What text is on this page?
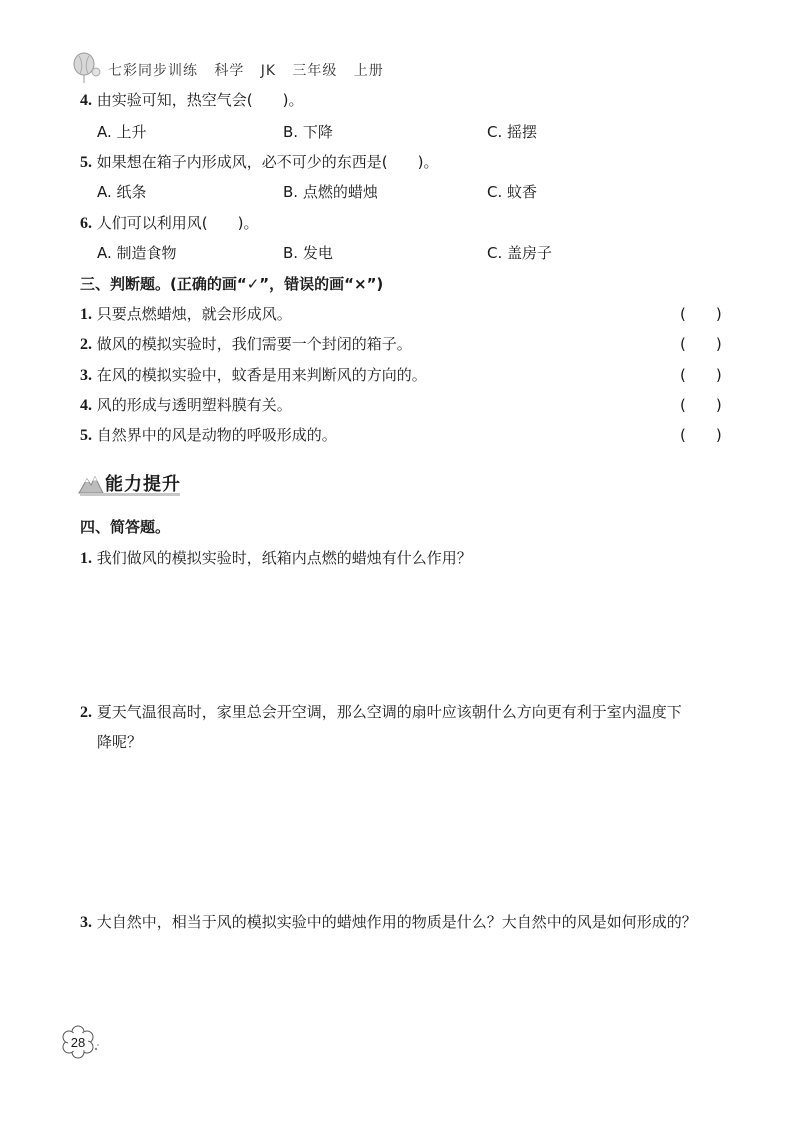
七彩同步训练 科学 JK 三年级 上册
4. 由实验可知，热空气会(　　)。
A. 上升	B. 下降	C. 摇摆
5. 如果想在箱子内形成风，必不可少的东西是(　　)。
A. 纸条	B. 点燃的蜡烛	C. 蚊香
6. 人们可以利用风(　　)。
A. 制造食物	B. 发电	C. 盖房子
三、判断题。(正确的画“✓”，错误的画“×”)
1. 只要点燃蜡烛，就会形成风。	(　　)
2. 做风的模拟实验时，我们需要一个封闭的箱子。	(　　)
3. 在风的模拟实验中，蚊香是用来判断风的方向的。	(　　)
4. 风的形成与透明塑料膜有关。	(　　)
5. 自然界中的风是动物的呼吸形成的。	(　　)
能力提升
四、简答题。
1. 我们做风的模拟实验时，纸箱内点燃的蜡烛有什么作用？
2. 夏天气温很高时，家里总会开空调，那么空调的扇叶应该朝什么方向更有利于室内温度下
降呢？
3. 大自然中，相当于风的模拟实验中的蜡烛作用的物质是什么？大自然中的风是如何形成的？
28
